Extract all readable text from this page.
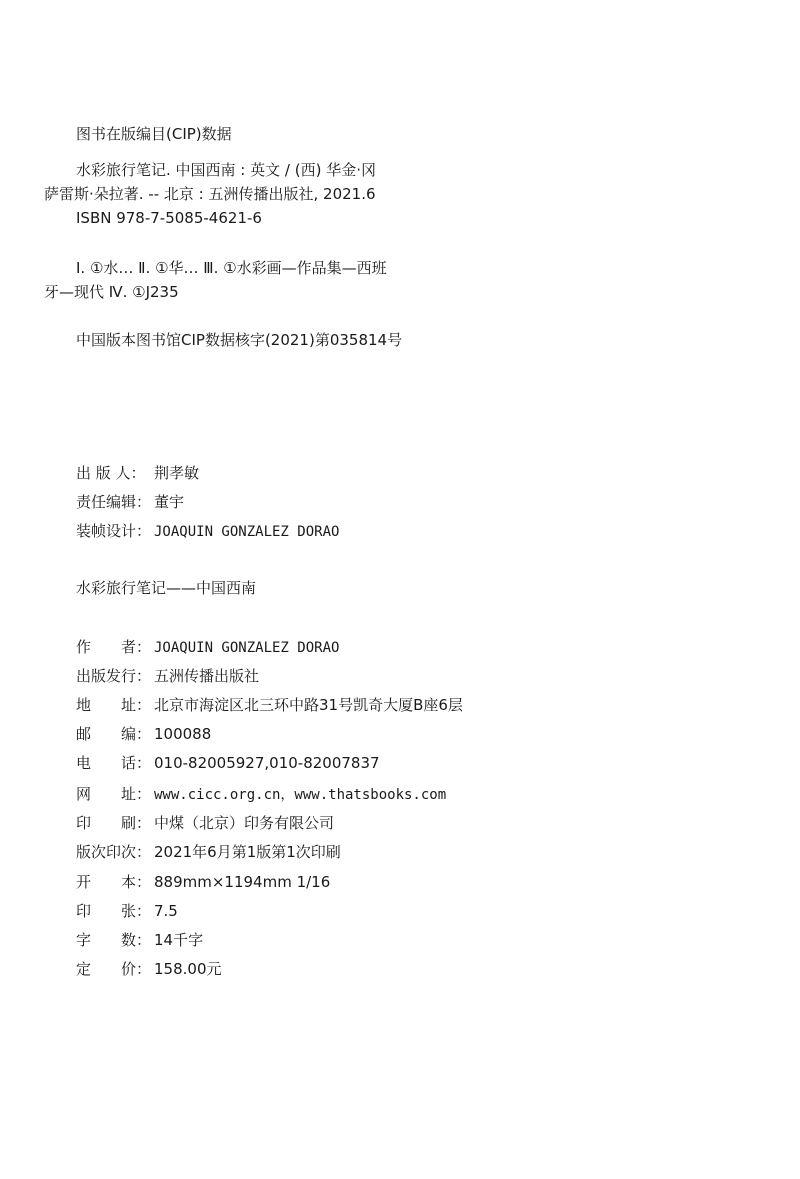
图书在版编目(CIP)数据
水彩旅行笔记. 中国西南 : 英文 / (西) 华金·冈
萨雷斯·朵拉著. -- 北京 : 五洲传播出版社, 2021.6
ISBN 978-7-5085-4621-6
Ⅰ. ①水… Ⅱ. ①华… Ⅲ. ①水彩画—作品集—西班
牙—现代 Ⅳ. ①J235
中国版本图书馆CIP数据核字(2021)第035814号
出 版 人： 荆孝敏
责任编辑： 董宇
装帧设计： JOAQUIN GONZALEZ DORAO
水彩旅行笔记——中国西南
作　　者： JOAQUIN GONZALEZ DORAO
出版发行： 五洲传播出版社
地　　址： 北京市海淀区北三环中路31号凯奇大厦B座6层
邮　　编： 100088
电　　话： 010-82005927,010-82007837
网　　址： www.cicc.org.cn，www.thatsbooks.com
印　　刷： 中煤（北京）印务有限公司
版次印次： 2021年6月第1版第1次印刷
开　　本： 889mm×1194mm 1/16
印　　张： 7.5
字　　数： 14千字
定　　价： 158.00元
